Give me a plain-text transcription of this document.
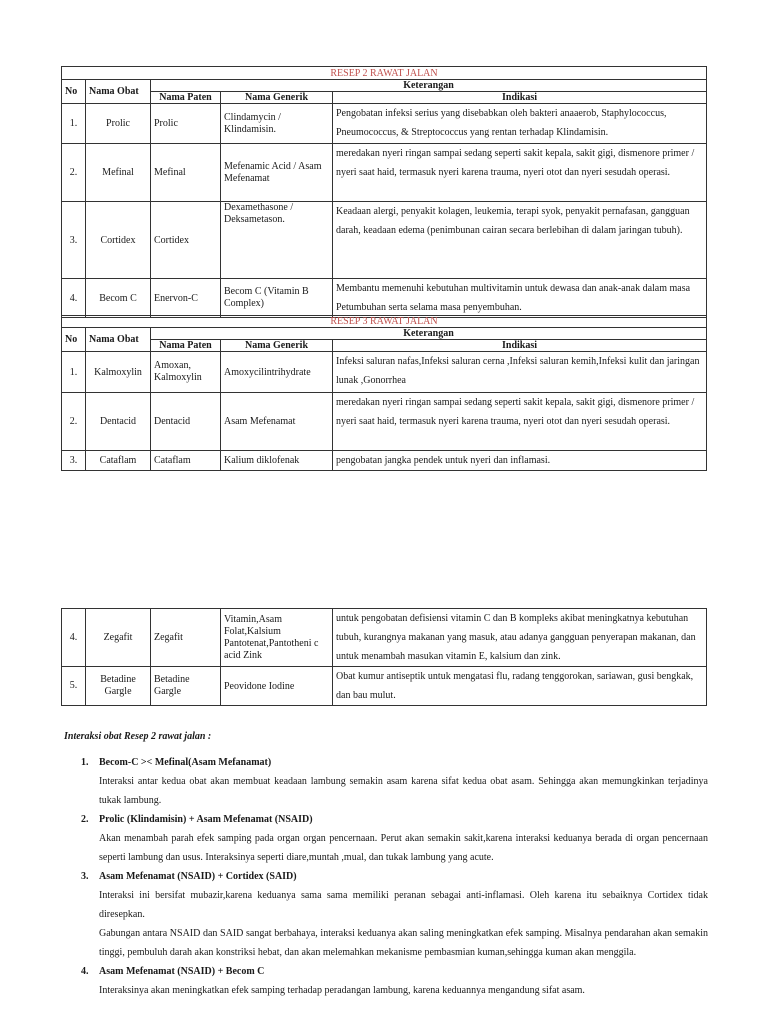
RESEP 2 RAWAT JALAN				
No	Nama Obat	Keterangan		
		Nama Paten	Nama Generik	Indikasi
1.	Prolic	Prolic	Clindamycin / Klindamisin.	Pengobatan infeksi serius yang disebabkan oleh bakteri anaaerob, Staphylococcus, Pneumococcus, & Streptococcus yang rentan terhadap Klindamisin.
2.	Mefinal	Mefinal	Mefenamic Acid / Asam Mefenamat	meredakan nyeri ringan sampai sedang seperti sakit kepala, sakit gigi, dismenore primer / nyeri saat haid, termasuk nyeri karena trauma, nyeri otot dan nyeri sesudah operasi.
3.	Cortidex	Cortidex	Dexamethasone / Deksametason.	Keadaan alergi, penyakit kolagen, leukemia, terapi syok, penyakit pernafasan, gangguan darah, keadaan edema (penimbunan cairan secara berlebihan di dalam jaringan tubuh).
4.	Becom C	Enervon-C	Becom C (Vitamin B Complex)	Membantu memenuhi kebutuhan multivitamin untuk dewasa dan anak-anak dalam masa Petumbuhan serta selama masa penyembuhan.
RESEP 3 RAWAT JALAN				
No	Nama Obat	Keterangan		
		Nama Paten	Nama Generik	Indikasi
1.	Kalmoxylin	Amoxan, Kalmoxylin	Amoxycilintrihydrate	Infeksi saluran nafas,Infeksi saluran cerna ,Infeksi saluran kemih,Infeksi kulit dan jaringan lunak ,Gonorrhea
2.	Dentacid	Dentacid	Asam Mefenamat	meredakan nyeri ringan sampai sedang seperti sakit kepala, sakit gigi, dismenore primer / nyeri saat haid, termasuk nyeri karena trauma, nyeri otot dan nyeri sesudah operasi.
3.	Cataflam	Cataflam	Kalium diklofenak	pengobatan jangka pendek untuk nyeri dan inflamasi.
4.	Zegafit	Zegafit	Vitamin,Asam Folat,Kalsium Pantotenat,Pantotheni c acid Zink	untuk pengobatan defisiensi vitamin C dan B kompleks akibat meningkatnya kebutuhan tubuh, kurangnya makanan yang masuk, atau adanya gangguan penyerapan makanan, dan untuk menambah masukan vitamin E, kalsium dan zink.
5.	Betadine Gargle	Betadine Gargle	Peovidone Iodine	Obat kumur antiseptik untuk mengatasi flu, radang tenggorokan, sariawan, gusi bengkak, dan bau mulut.
Interaksi obat Resep 2 rawat jalan :
1. Becom-C >< Mefinal(Asam Mefanamat)
Interaksi antar kedua obat akan membuat keadaan lambung semakin asam karena sifat kedua obat asam. Sehingga akan memungkinkan terjadinya tukak lambung.
2. Prolic (Klindamisin) + Asam Mefenamat (NSAID)
Akan menambah parah efek samping pada organ organ pencernaan. Perut akan semakin sakit,karena interaksi keduanya berada di organ pencernaan seperti lambung dan usus. Interaksinya seperti diare,muntah ,mual, dan tukak lambung yang acute.
3. Asam Mefenamat (NSAID) + Cortidex (SAID)
Interaksi ini bersifat mubazir,karena keduanya sama sama memiliki peranan sebagai anti-inflamasi. Oleh karena itu sebaiknya Cortidex tidak diresepkan.
Gabungan antara NSAID dan SAID sangat berbahaya, interaksi keduanya akan saling meningkatkan efek samping. Misalnya pendarahan akan semakin tinggi, pembuluh darah akan konstriksi hebat, dan akan melemahkan mekanisme pembasmian kuman,sehingga kuman akan menggila.
4. Asam Mefenamat (NSAID) + Becom C
Interaksinya akan meningkatkan efek samping terhadap peradangan lambung, karena keduannya mengandung sifat asam.
